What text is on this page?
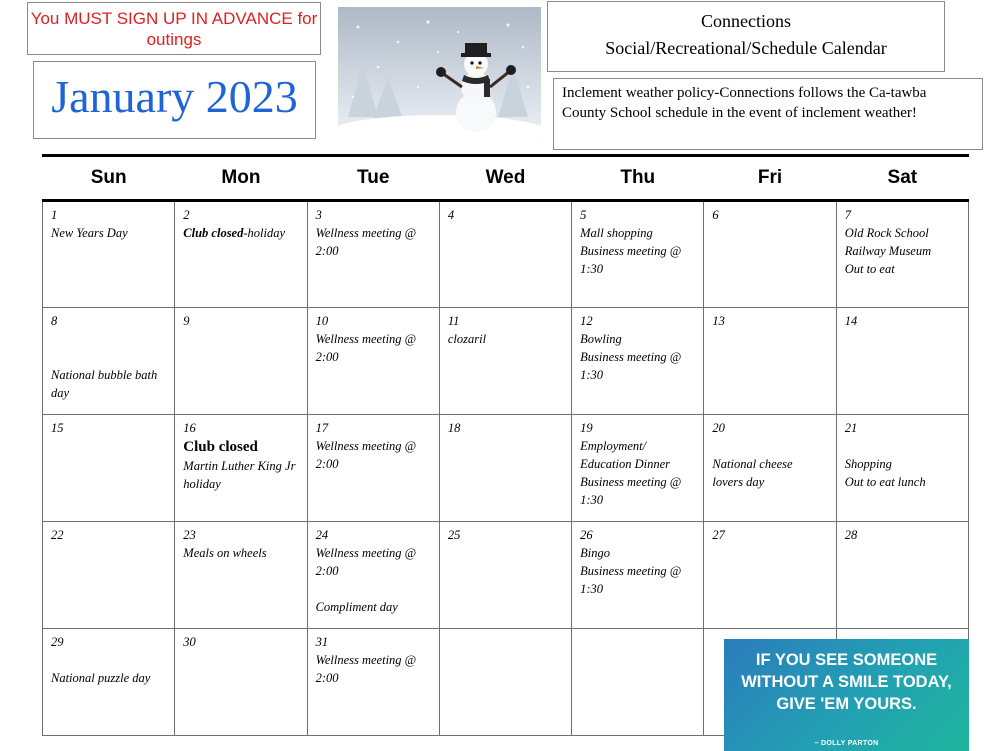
You MUST SIGN UP IN ADVANCE for outings
January 2023
Connections
Social/Recreational/Schedule Calendar
Inclement weather policy-Connections follows the Ca-tawba County School schedule in the event of inclement weather!
Sun	Mon	Tue	Wed	Thu	Fri	Sat

1
New Years Day	2
Club closed-holiday	3
Wellness meeting @
2:00	4	5
Mall shopping
Business meeting @
1:30	6	7
Old Rock School
Railway Museum
Out to eat

8
National bubble bath
day	9	10
Wellness meeting @
2:00	11
clozaril	12
Bowling
Business meeting @
1:30	13	14

15	16
Club closed
Martin Luther King Jr
holiday	17
Wellness meeting @
2:00	18	19
Employment/
Education Dinner
Business meeting @
1:30	20
National cheese
lovers day	21
Shopping
Out to eat lunch

22	23
Meals on wheels	24
Wellness meeting @
2:00
Compliment day	25	26
Bingo
Business meeting @
1:30	27	28

29
National puzzle day	30	31
Wellness meeting @
2:00				

IF YOU SEE SOMEONE WITHOUT A SMILE TODAY, GIVE 'EM YOURS.
– DOLLY PARTON
